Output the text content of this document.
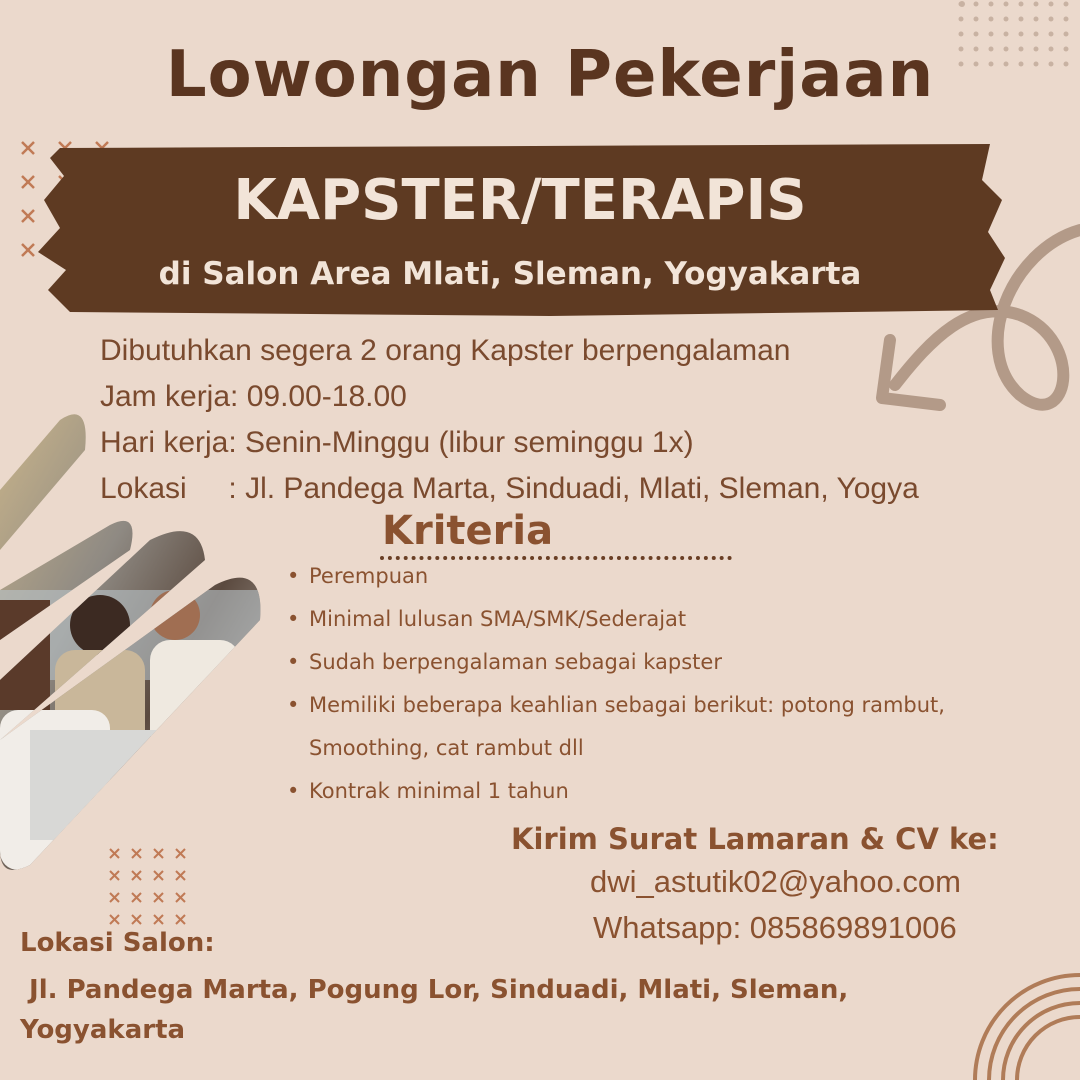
Lowongan Pekerjaan
KAPSTER/TERAPIS
di Salon Area Mlati, Sleman, Yogyakarta
Dibutuhkan segera 2 orang Kapster berpengalaman
Jam kerja: 09.00-18.00
Hari kerja: Senin-Minggu (libur seminggu 1x)
Lokasi     : Jl. Pandega Marta, Sinduadi, Mlati, Sleman, Yogya
Kriteria
• Perempuan
• Minimal lulusan SMA/SMK/Sederajat
• Sudah berpengalaman sebagai kapster
• Memiliki beberapa keahlian sebagai berikut: potong rambut,
Smoothing, cat rambut dll
• Kontrak minimal 1 tahun
Kirim Surat Lamaran & CV ke:
dwi_astutik02@yahoo.com
Whatsapp: 085869891006
Lokasi Salon:
Jl. Pandega Marta, Pogung Lor, Sinduadi, Mlati, Sleman,
Yogyakarta
